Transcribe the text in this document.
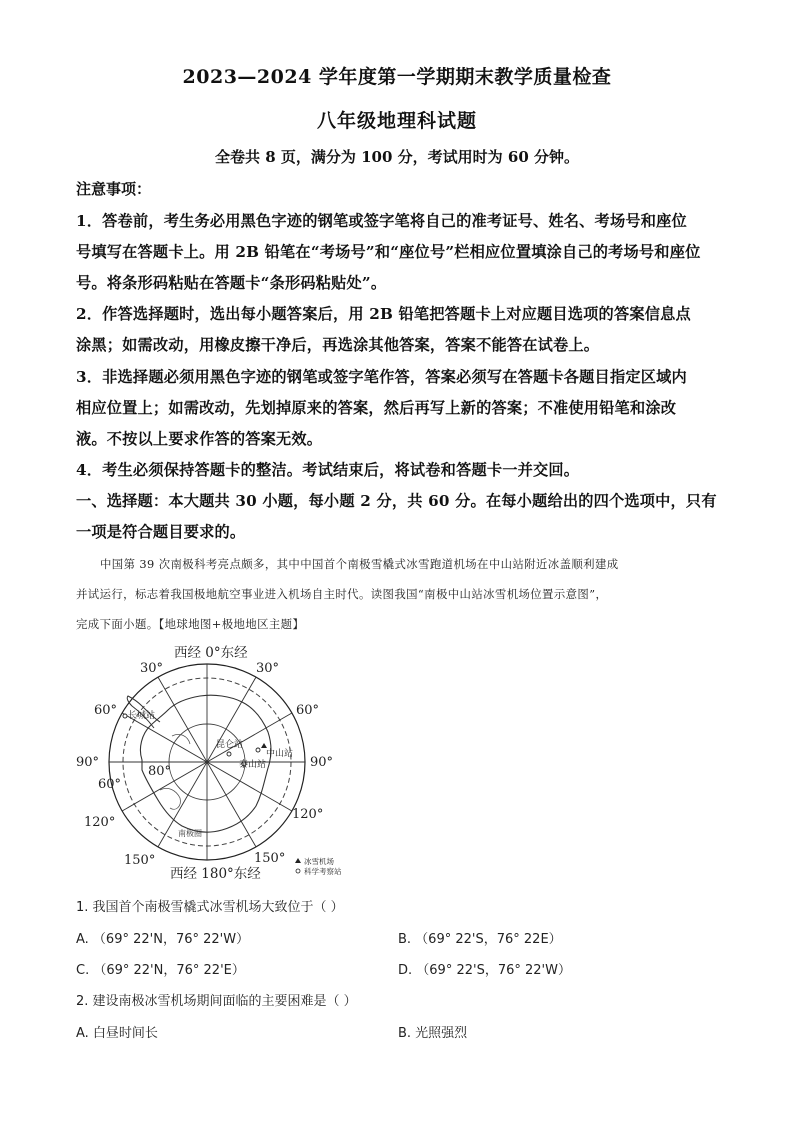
2023—2024 学年度第一学期期末教学质量检查
八年级地理科试题
全卷共 8 页，满分为 100 分，考试用时为 60 分钟。
注意事项：
1．答卷前，考生务必用黑色字迹的钢笔或签字笔将自己的准考证号、姓名、考场号和座位
号填写在答题卡上。用 2B 铅笔在“考场号”和“座位号”栏相应位置填涂自己的考场号和座位
号。将条形码粘贴在答题卡“条形码粘贴处”。
2．作答选择题时，选出每小题答案后，用 2B 铅笔把答题卡上对应题目选项的答案信息点
涂黑；如需改动，用橡皮擦干净后，再选涂其他答案，答案不能答在试卷上。
3．非选择题必须用黑色字迹的钢笔或签字笔作答，答案必须写在答题卡各题目指定区域内
相应位置上；如需改动，先划掉原来的答案，然后再写上新的答案；不准使用铅笔和涂改
液。不按以上要求作答的答案无效。
4．考生必须保持答题卡的整洁。考试结束后，将试卷和答题卡一并交回。
一、选择题：本大题共 30 小题，每小题 2 分，共 60 分。在每小题给出的四个选项中，只有
一项是符合题目要求的。
中国第 39 次南极科考亮点颇多，其中中国首个南极雪橇式冰雪跑道机场在中山站附近冰盖顺利建成
并试运行，标志着我国极地航空事业进入机场自主时代。读图我国“南极中山站冰雪机场位置示意图”，
完成下面小题。【地球地图+极地地区主题】
西经 0°东经
西经 180°东经
30°	30°
60°	60°
90°	90°
120°
120°
150°	150°
60°
80°
长城站
昆仑站
中山站
泰山站
南极圈
冰雪机场
科学考察站
1. 我国首个南极雪橇式冰雪机场大致位于（ ）
A. （69° 22'N，76° 22'W）	B. （69° 22'S，76° 22E）
C. （69° 22'N，76° 22'E）	D. （69° 22'S，76° 22'W）
2. 建设南极冰雪机场期间面临的主要困难是（ ）
A. 白昼时间长	B. 光照强烈
